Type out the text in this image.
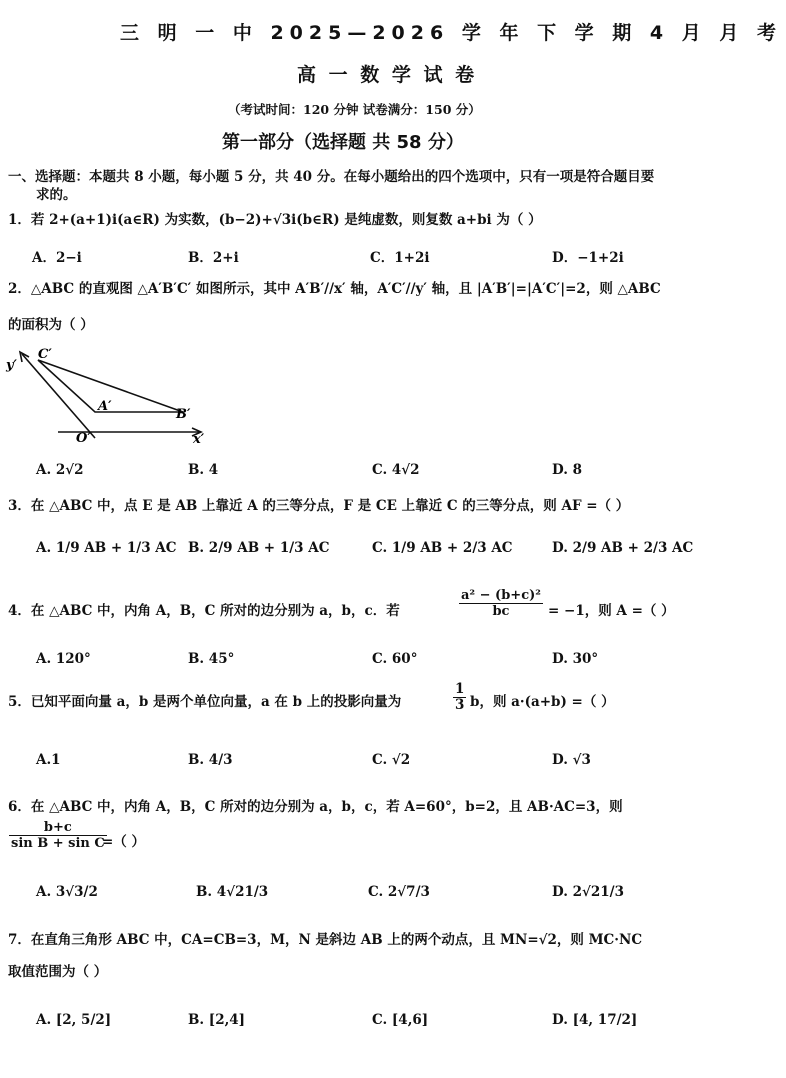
三 明 一 中 2025—2026 学 年 下 学 期 4 月 月 考
高 一 数 学 试 卷
（考试时间：120 分钟 试卷满分：150 分）
第一部分（选择题 共 58 分）
一、选择题：本题共 8 小题，每小题 5 分，共 40 分。在每小题给出的四个选项中，只有一项是符合题目要
求的。
1．若 2+(a+1)i(a∈R) 为实数，(b−2)+√3i(b∈R) 是纯虚数，则复数 a+bi 为（ ）
A．2−i	B．2+i	C．1+2i	D．−1+2i
2．△ABC 的直观图 △A′B′C′ 如图所示，其中 A′B′//x′ 轴，A′C′//y′ 轴，且 |A′B′|=|A′C′|=2，则 △ABC
的面积为（ ）
y′
C′
A′
B′
O′	x′
A. 2√2	B. 4	C. 4√2	D. 8
3．在 △ABC 中，点 E 是 AB 上靠近 A 的三等分点，F 是 CE 上靠近 C 的三等分点，则 AF =（ ）
A. 1/9 AB + 1/3 AC B. 2/9 AB + 1/3 AC	C. 1/9 AB + 2/3 AC	D. 2/9 AB + 2/3 AC
4．在 △ABC 中，内角 A，B，C 所对的边分别为 a，b，c．若	$\frac{\text{a² − (b+c)²}}{bc} = -1$，则 A =（ ）
A. 120°	B. 45°	C. 60°	D. 30°
5．已知平面向量 a，b 是两个单位向量，a 在 b 上的投影向量为	$\frac{1}{3}$ b，则 a·(a+b) =（ ）
A.1	B. 4/3	C. √2	D. √3
6．在 △ABC 中，内角 A，B，C 所对的边分别为 a，b，c，若 A=60°，b=2，且 AB·AC=3，则
$\frac{b+c}{\text{sin B + sin C}}$
=（ ）
A. 3√3/2	B. 4√21/3	C. 2√7/3	D. 2√21/3
7．在直角三角形 ABC 中，CA=CB=3，M，N 是斜边 AB 上的两个动点，且 MN=√2，则 MC·NC
取值范围为（ ）
A. [2, 5/2]	B. [2,4]	C. [4,6]	D. [4, 17/2]
